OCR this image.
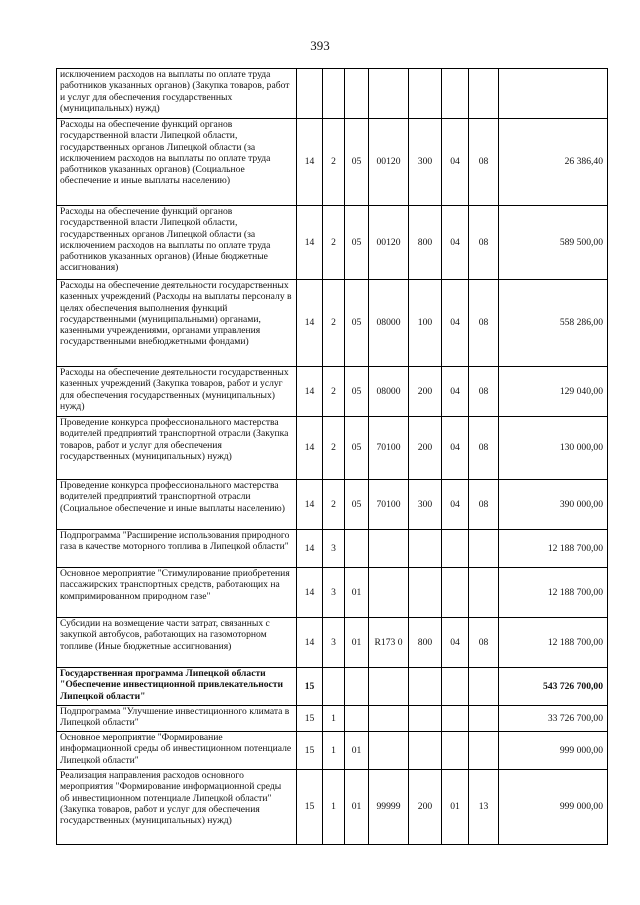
393
исключением расходов на выплаты по оплате труда работников указанных органов) (Закупка товаров, работ и услуг для обеспечения государственных (муниципальных) нужд)								
Расходы на обеспечение функций органов государственной власти Липецкой области, государственных органов Липецкой области (за исключением расходов на выплаты по оплате труда работников указанных органов) (Социальное обеспечение и иные выплаты населению)	14	2	05	00120	300	04	08	26 386,40
Расходы на обеспечение функций органов государственной власти Липецкой области, государственных органов Липецкой области (за исключением расходов на выплаты по оплате труда работников указанных органов) (Иные бюджетные ассигнования)	14	2	05	00120	800	04	08	589 500,00
Расходы на обеспечение деятельности государственных казенных учреждений (Расходы на выплаты персоналу в целях обеспечения выполнения функций государственными (муниципальными) органами, казенными учреждениями, органами управления государственными внебюджетными фондами)	14	2	05	08000	100	04	08	558 286,00
Расходы на обеспечение деятельности государственных казенных учреждений (Закупка товаров, работ и услуг для обеспечения государственных (муниципальных) нужд)	14	2	05	08000	200	04	08	129 040,00
Проведение конкурса профессионального мастерства водителей предприятий транспортной отрасли (Закупка товаров, работ и услуг для обеспечения государственных (муниципальных) нужд)	14	2	05	70100	200	04	08	130 000,00
Проведение конкурса профессионального мастерства водителей предприятий транспортной отрасли (Социальное обеспечение и иные выплаты населению)	14	2	05	70100	300	04	08	390 000,00
Подпрограмма "Расширение использования природного газа в качестве моторного топлива в Липецкой области"	14	3						12 188 700,00
Основное мероприятие "Стимулирование приобретения пассажирских транспортных средств, работающих на компримированном природном газе"	14	3	01					12 188 700,00
Субсидии на возмещение части затрат, связанных с закупкой автобусов, работающих на газомоторном топливе (Иные бюджетные ассигнования)	14	3	01	R173 0	800	04	08	12 188 700,00
Государственная программа Липецкой области "Обеспечение инвестиционной привлекательности Липецкой области"	15							543 726 700,00
Подпрограмма "Улучшение инвестиционного климата в Липецкой области"	15	1						33 726 700,00
Основное мероприятие "Формирование информационной среды об инвестиционном потенциале Липецкой области"	15	1	01					999 000,00
Реализация направления расходов основного мероприятия "Формирование информационной среды об инвестиционном потенциале Липецкой области" (Закупка товаров, работ и услуг для обеспечения государственных (муниципальных) нужд)	15	1	01	99999	200	01	13	999 000,00
